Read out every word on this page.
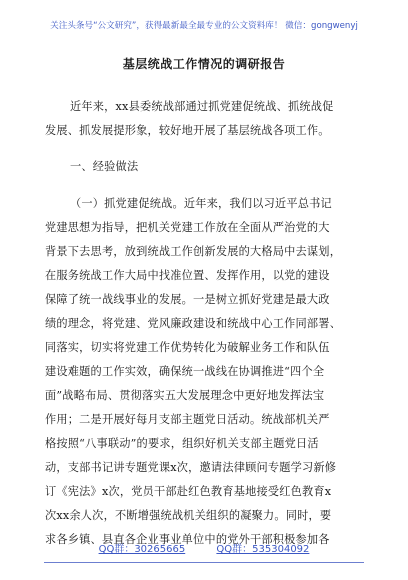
关注头条号“公文研究”，获得最新最全最专业的公文资料库！ 微信：gongwenyj
基层统战工作情况的调研报告
近年来，xx县委统战部通过抓党建促统战、抓统战促
发展、抓发展提形象，较好地开展了基层统战各项工作。
一、经验做法
（一）抓党建促统战。近年来，我们以习近平总书记
党建思想为指导，把机关党建工作放在全面从严治党的大
背景下去思考，放到统战工作创新发展的大格局中去谋划，
在服务统战工作大局中找准位置、发挥作用，以党的建设
保障了统一战线事业的发展。一是树立抓好党建是最大政
绩的理念，将党建、党风廉政建设和统战中心工作同部署、
同落实，切实将党建工作优势转化为破解业务工作和队伍
建设难题的工作实效，确保统一战线在协调推进“四个全
面”战略布局、贯彻落实五大发展理念中更好地发挥法宝
作用；二是开展好每月支部主题党日活动。统战部机关严
格按照“八事联动”的要求，组织好机关支部主题党日活
动，支部书记讲专题党课x次，邀请法律顾问专题学习新修
订《宪法》x次，党员干部赴红色教育基地接受红色教育x
次xx余人次，不断增强统战机关组织的凝聚力。同时，要
求各乡镇、县直各企业事业单位中的党外干部积极参加各
QQ群：30265665	QQ群：535304092
